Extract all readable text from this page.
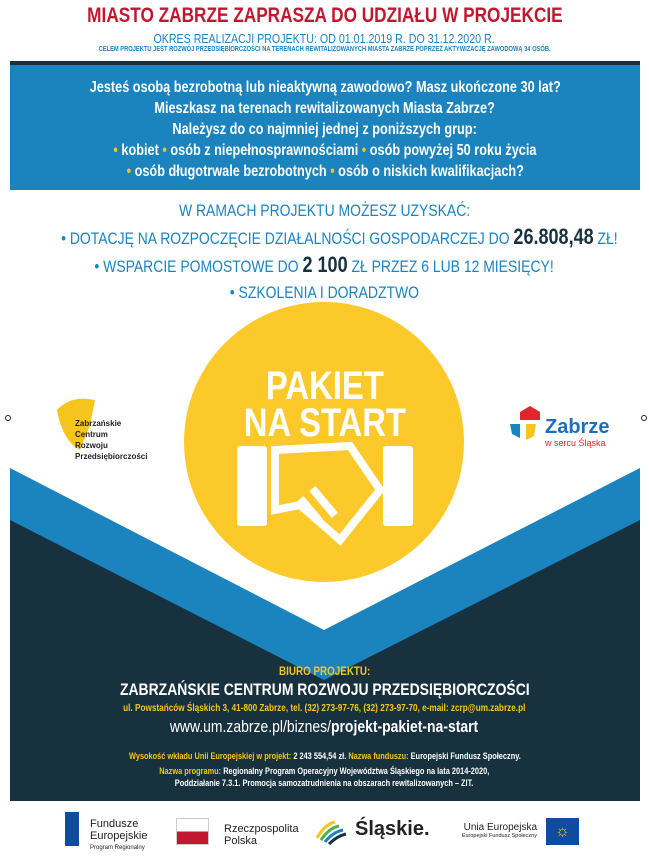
MIASTO ZABRZE ZAPRASZA DO UDZIAŁU W PROJEKCIE
OKRES REALIZACJI PROJEKTU: OD 01.01.2019 R. DO 31.12.2020 R.
CELEM PROJEKTU JEST ROZWÓJ PRZEDSIĘBIORCZOŚCI NA TERENACH REWITALIZOWANYCH MIASTA ZABRZE POPRZEZ AKTYWIZACJĘ ZAWODOWĄ 34 OSÓB.
Jesteś osobą bezrobotną lub nieaktywną zawodowo? Masz ukończone 30 lat?
Mieszkasz na terenach rewitalizowanych Miasta Zabrze?
Należysz do co najmniej jednej z poniższych grup:
• kobiet • osób z niepełnosprawnościami • osób powyżej 50 roku życia
• osób długotrwale bezrobotnych • osób o niskich kwalifikacjach?
W RAMACH PROJEKTU MOŻESZ UZYSKAĆ:
• DOTACJĘ NA ROZPOCZĘCIE DZIAŁALNOŚCI GOSPODARCZEJ DO 26.808,48 ZŁ!
• WSPARCIE POMOSTOWE DO 2 100 ZŁ PRZEZ 6 LUB 12 MIESIĘCY!
• SZKOLENIA I DORADZTWO
PAKIET
NA START
Zabrzańskie
Centrum
Rozwoju
Przedsiębiorczości
Zabrze
w sercu Śląska
BIURO PROJEKTU:
ZABRZAŃSKIE CENTRUM ROZWOJU PRZEDSIĘBIORCZOŚCI
ul. Powstańców Śląskich 3, 41-800 Zabrze, tel. (32) 273-97-76, (32) 273-97-70, e-mail: zcrp@um.zabrze.pl
www.um.zabrze.pl/biznes/projekt-pakiet-na-start
Wysokość wkładu Unii Europejskiej w projekt: 2 243 554,54 zł. Nazwa funduszu: Europejski Fundusz Społeczny.
Nazwa programu: Regionalny Program Operacyjny Województwa Śląskiego na lata 2014-2020,
Poddziałanie 7.3.1. Promocja samozatrudnienia na obszarach rewitalizowanych – ZIT.
Fundusze
Europejskie
Program Regionalny
Rzeczpospolita
Polska
Śląskie.	Unia Europejska
Europejski Fundusz Społeczny	☼
